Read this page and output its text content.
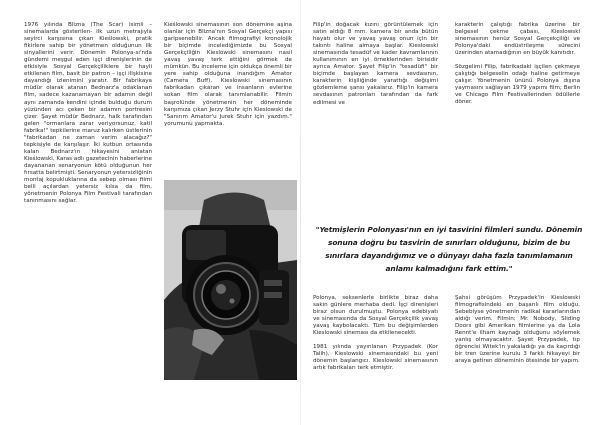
1976 yılında Blizna (The Scar) isimli –sinemalarda gösterilen- ilk uzun metrajıyla seyirci karşısına çıkan Kieślowski, pratik fikirlere sahip bir yönetmen olduğunun ilk sinyallerini verir. Dönemin Polonya-sı'nda gündemi meşgul eden işçi direnişlerinin de etkisiyle Sosyal Gerçekçiliklere bir hayli etkilenen film, basit bir patron – işçi ilişkisine dayandığı izlenimini yaratır. Bir fabrikaya müdür olarak atanan Bednarz'a odaklanan film, sadece kazanamayan bir adamın değil aynı zamanda kendini içinde bulduğu durum yüzünden acı çeken bir adamın portresini çizer. Şayet müdür Bednarz, halk tarafından gelen "ormanlara zarar veriyorsunuz, katil fabrika!" tepkilerine maruz kalırken üstlerinin "fabrikadan ne zaman verim alacağız?" tepkisiyle de karşılaşır. İki kutbun ortasında kalan Bednarz'ın hikayesini anlatan Kieślowski, Karas adlı gazetecinin haberlerine dayananan senaryonun kötü olduğunun her fırsatta belirtmişti. Senaryonun yetersizliğinin montaj kopukluklarına da sebep olması filmi belli açılardan yetersiz kılsa da film, yönetmenin Polonya Film Festivali tarafından tanınmasını sağlar.
Kieślowski sinemasının son dönemine aşina olanlar için Blizna'nın Sosyal Gerçekçi yapısı garipsenebilir. Ancak filmografiyi kronolojik bir biçimde incelediğimizde bu Sosyal Gerçekçiliğin Kieslowski sinemasını nasıl yavaş yavaş terk ettiğini görmek de mümkün. Bu inceleme için oldukça önemli bir yere sahip olduğuna inandığım Amator (Camera Buff), Kieslowski sinemasının fabrikadan çıkaran ve insanların evlerine sokan film olarak tanımlanabilir. Filmin başrolünde yönetmenin her döneminde karşımıza çıkan Jerzy Stuhr için Kieslowski de "Sanırım Amator'u Jurek Stuhr için yazdım." yorumunu yapmakta.
Filip'in doğacak kızını görüntülemek için satın aldığı 8 mm. kamera bir anda bütün hayatı olur ve yavaş yavaş onun için bir takıntı haline almaya başlar. Kieslowski sinemasında tesadüf ve kader kavramlarının kullanımının en iyi örneklerinden birisidir ayrıca Amator. Şayet Filip'in "tesadüfi" bir biçimde başlayan kamera sevdasının, karakterin kişiliğinde yarattığı değişimi gözlemleme şansı yakalarız. Filip'in kamera sevdasının patronları tarafından da fark edilmesi ve
karakterin çalıştığı fabrika üzerine bir belgesel çekme çabası, Kieslowski sinemasının henüz Sosyal Gerçekçiliği ve Polonya'daki endüstrileşme sürecini üzerinden atamadığının en büyük kanıtıdır.
Sözgelimi Filip, fabrikadaki işçilen çekmeye çalıştığı belgeselin odağı haline getirmeye çalışır. Yönetmenin ününü Polonya dışına yaymasını sağlayan 1979 yapımı film; Berlin ve Chicago Film Festivallerinden ödüllerle döner.
"Yetmişlerin Polonyası'nın en iyi tasvirini filmleri sundu. Dönemin sonuna doğru bu tasvirin de sınırları olduğunu, bizim de bu sınırlara dayandığımız ve o dünyayı daha fazla tanımlamanın anlamı kalmadığını fark ettim."
Polonya, seksenlerle birlikte biraz daha sakin günlere merhaba dedi. İşçi direnişleri biraz olsun durulmuştu. Polonya edebiyatı ve sinemasında da Sosyal Gerçekçilik yavaş yavaş kaybolacaktı. Tüm bu değişimlerden Kieslowski sineması da etkilenecekti.
1981 yılında yayınlanan Przypadek (Kor Talih), Kieslowski sinemasındaki bu yeni dönemin başlangıcı. Kieslowski sinemasının artık fabrikaları terk etmiştir.
Şahsi görüşüm Przypadek'in Kieslowski filmografisindeki en başarılı film olduğu. Sebebiyse yönetmenin radikal kararlarından aldığı verim. Filmin; Mr. Nobody, Sliding Doors gibi Amerikan filmlerine ya da Lola Rennt'e ilham kaynağı olduğunu söylemek yanlış olmayacaktır. Şayet Przypadek, tıp öğrencisi Witek'in yakaladığı ya da kaçırdığı bir tren üzerine kurulu 3 farklı hikayeyi bir araya getiren döneminin ötesinde bir yapım.
